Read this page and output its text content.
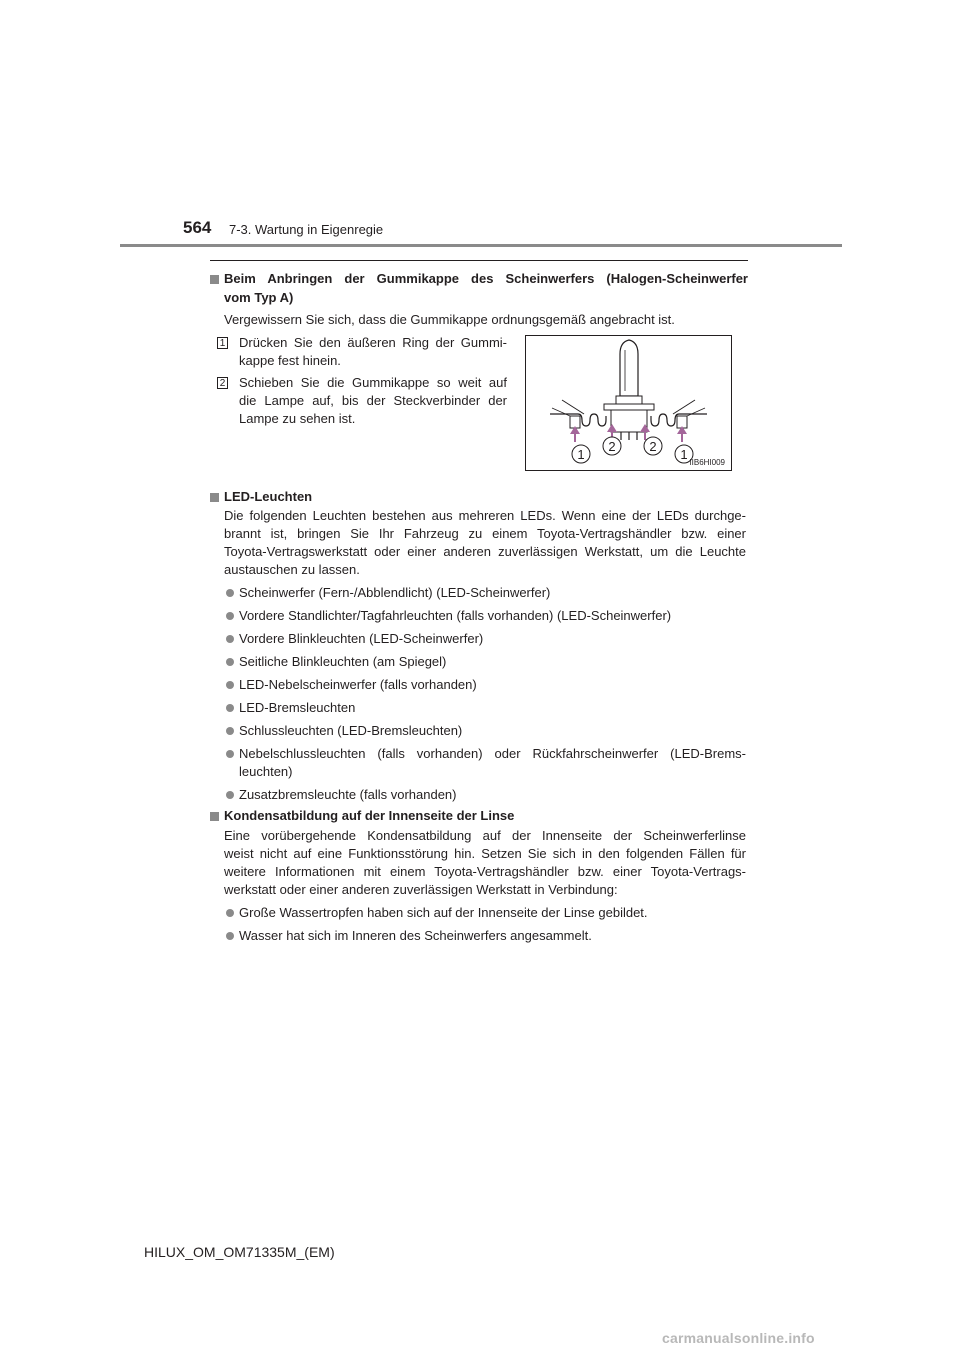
564 7-3. Wartung in Eigenregie
Beim Anbringen der Gummikappe des Scheinwerfers (Halogen-Scheinwerfer
vom Typ A)
Vergewissern Sie sich, dass die Gummikappe ordnungsgemäß angebracht ist.
1 Drücken Sie den äußeren Ring der Gummi-
kappe fest hinein.
2 Schieben Sie die Gummikappe so weit auf
die Lampe auf, bis der Steckverbinder der
Lampe zu sehen ist.
1
2	2
1
IIB6HI009
LED-Leuchten
Die folgenden Leuchten bestehen aus mehreren LEDs. Wenn eine der LEDs durchge-
brannt ist, bringen Sie Ihr Fahrzeug zu einem Toyota-Vertragshändler bzw. einer
Toyota-Vertragswerkstatt oder einer anderen zuverlässigen Werkstatt, um die Leuchte
austauschen zu lassen.
Scheinwerfer (Fern-/Abblendlicht) (LED-Scheinwerfer)
Vordere Standlichter/Tagfahrleuchten (falls vorhanden) (LED-Scheinwerfer)
Vordere Blinkleuchten (LED-Scheinwerfer)
Seitliche Blinkleuchten (am Spiegel)
LED-Nebelscheinwerfer (falls vorhanden)
LED-Bremsleuchten
Schlussleuchten (LED-Bremsleuchten)
Nebelschlussleuchten (falls vorhanden) oder Rückfahrscheinwerfer (LED-Brems-
leuchten)
Zusatzbremsleuchte (falls vorhanden)
Kondensatbildung auf der Innenseite der Linse
Eine vorübergehende Kondensatbildung auf der Innenseite der Scheinwerferlinse
weist nicht auf eine Funktionsstörung hin. Setzen Sie sich in den folgenden Fällen für
weitere Informationen mit einem Toyota-Vertragshändler bzw. einer Toyota-Vertrags-
werkstatt oder einer anderen zuverlässigen Werkstatt in Verbindung:
Große Wassertropfen haben sich auf der Innenseite der Linse gebildet.
Wasser hat sich im Inneren des Scheinwerfers angesammelt.
HILUX_OM_OM71335M_(EM)
carmanualsonline.info
